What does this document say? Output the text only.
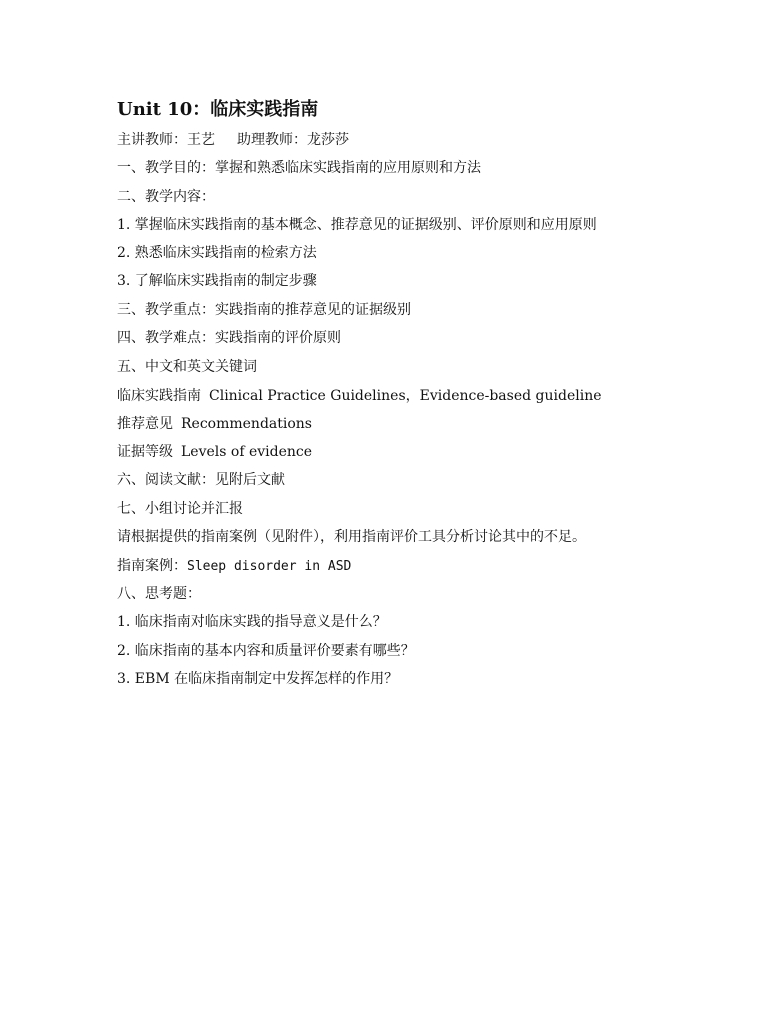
Unit 10：临床实践指南
主讲教师：王艺 助理教师：龙莎莎
一、教学目的：掌握和熟悉临床实践指南的应用原则和方法
二、教学内容：
1. 掌握临床实践指南的基本概念、推荐意见的证据级别、评价原则和应用原则
2. 熟悉临床实践指南的检索方法
3. 了解临床实践指南的制定步骤
三、教学重点：实践指南的推荐意见的证据级别
四、教学难点：实践指南的评价原则
五、中文和英文关键词
临床实践指南 Clinical Practice Guidelines，Evidence-based guideline
推荐意见 Recommendations
证据等级 Levels of evidence
六、阅读文献：见附后文献
七、小组讨论并汇报
请根据提供的指南案例（见附件），利用指南评价工具分析讨论其中的不足。
指南案例：Sleep disorder in ASD
八、思考题：
1. 临床指南对临床实践的指导意义是什么？
2. 临床指南的基本内容和质量评价要素有哪些？
3. EBM 在临床指南制定中发挥怎样的作用？
